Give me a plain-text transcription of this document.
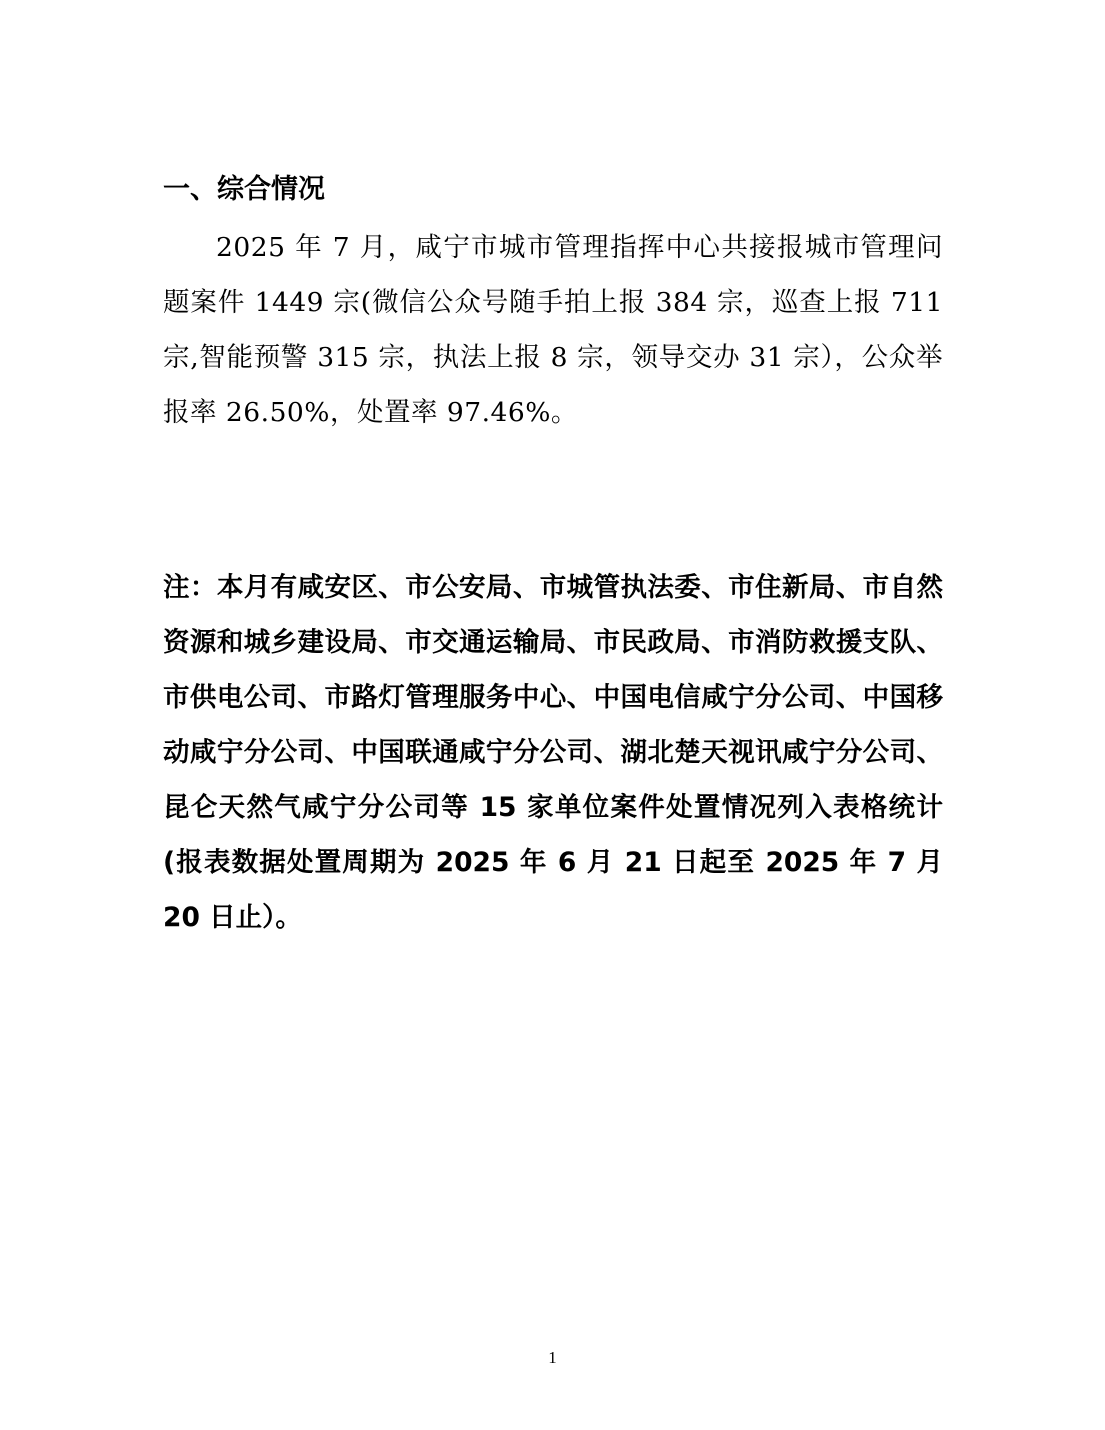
一、综合情况

2025 年 7 月，咸宁市城市管理指挥中心共接报城市管理问题案件 1449 宗(微信公众号随手拍上报 384 宗，巡查上报 711 宗,智能预警 315 宗，执法上报 8 宗，领导交办 31 宗），公众举报率 26.50%，处置率 97.46%。

注：本月有咸安区、市公安局、市城管执法委、市住新局、市自然资源和城乡建设局、市交通运输局、市民政局、市消防救援支队、市供电公司、市路灯管理服务中心、中国电信咸宁分公司、中国移动咸宁分公司、中国联通咸宁分公司、湖北楚天视讯咸宁分公司、昆仑天然气咸宁分公司等 15 家单位案件处置情况列入表格统计(报表数据处置周期为 2025 年 6 月 21 日起至 2025 年 7 月 20 日止）。

1
